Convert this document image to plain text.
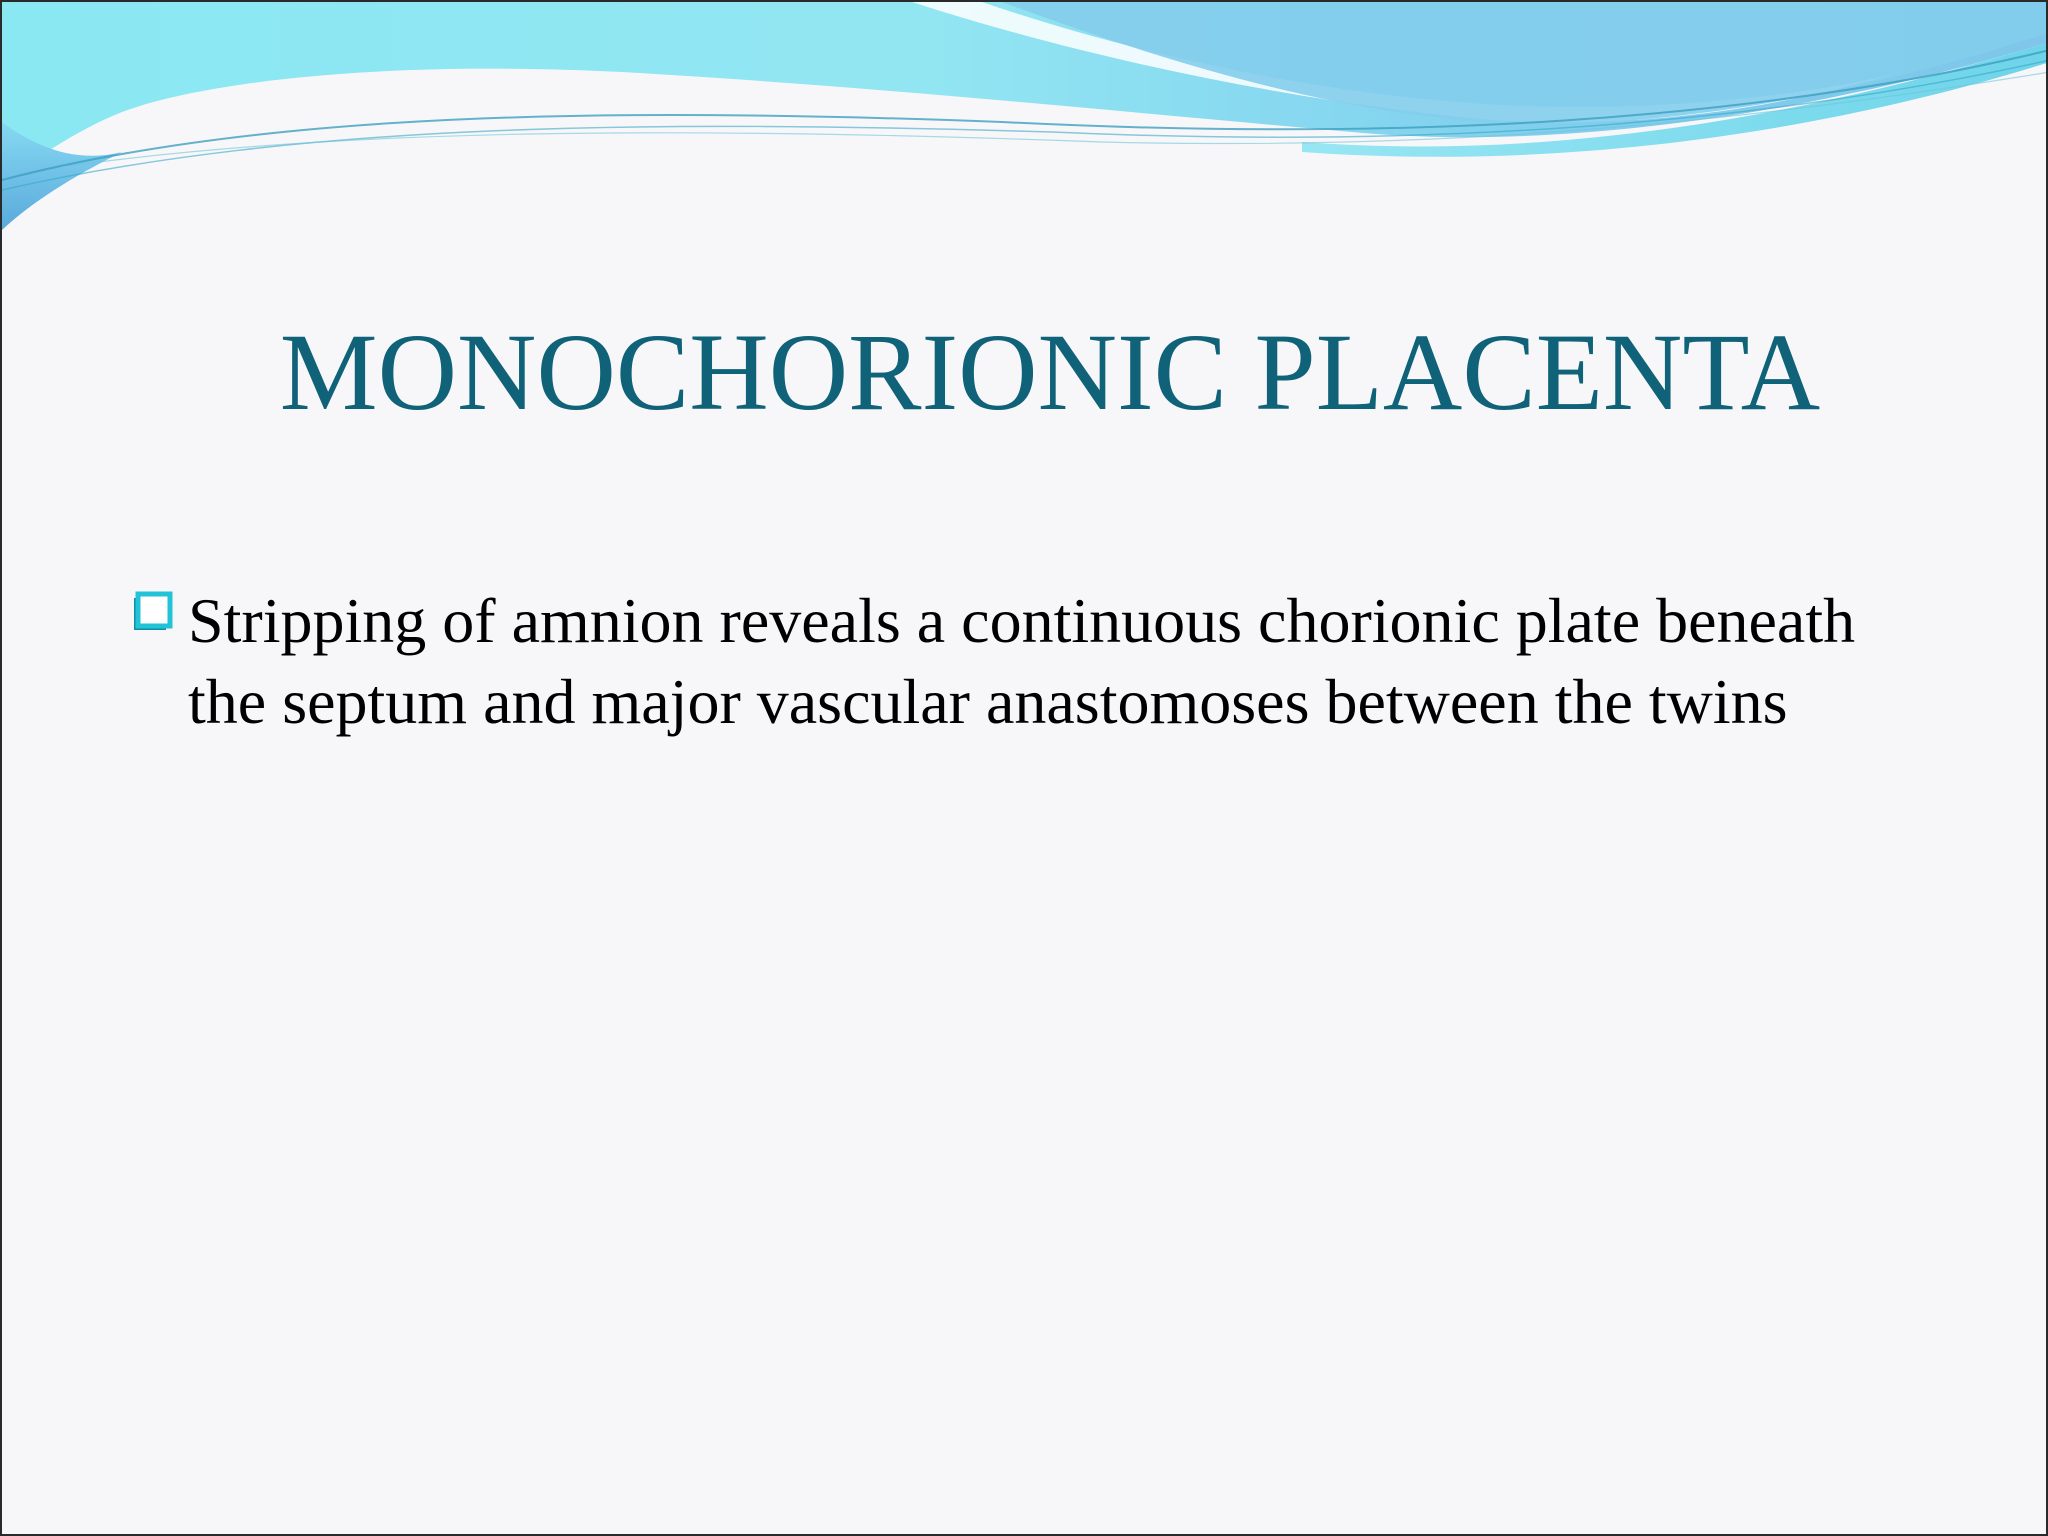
MONOCHORIONIC PLACENTA
Stripping of amnion reveals a continuous chorionic plate beneath the septum and major vascular anastomoses between the twins
